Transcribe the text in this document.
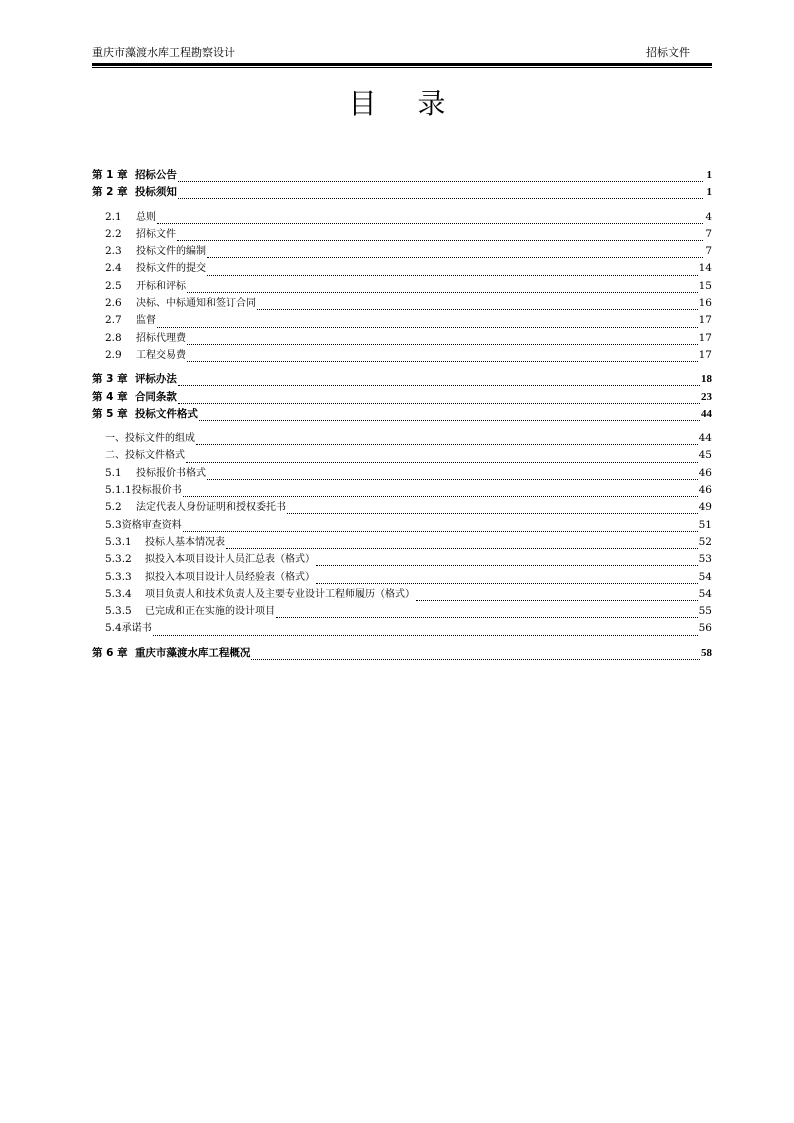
重庆市藻渡水库工程勘察设计	招标文件
目 录
第 1 章 招标公告	1
第 2 章 投标须知	1
2.1	总则	4
2.2	招标文件	7
2.3	投标文件的编制	7
2.4	投标文件的提交	14
2.5	开标和评标	15
2.6	决标、中标通知和签订合同	16
2.7	监督	17
2.8	招标代理费	17
2.9	工程交易费	17
第 3 章 评标办法	18
第 4 章 合同条款	23
第 5 章 投标文件格式	44
一、投标文件的组成	44
二、投标文件格式	45
5.1	投标报价书格式	46
5.1.1 投标报价书	46
5.2	法定代表人身份证明和授权委托书	49
5.3 资格审查资料	51
5.3.1	投标人基本情况表	52
5.3.2	拟投入本项目设计人员汇总表（格式）	53
5.3.3	拟投入本项目设计人员经验表（格式）	54
5.3.4	项目负责人和技术负责人及主要专业设计工程师履历（格式）	54
5.3.5	已完成和正在实施的设计项目	55
5.4 承诺书	56
第 6 章 重庆市藻渡水库工程概况	58
